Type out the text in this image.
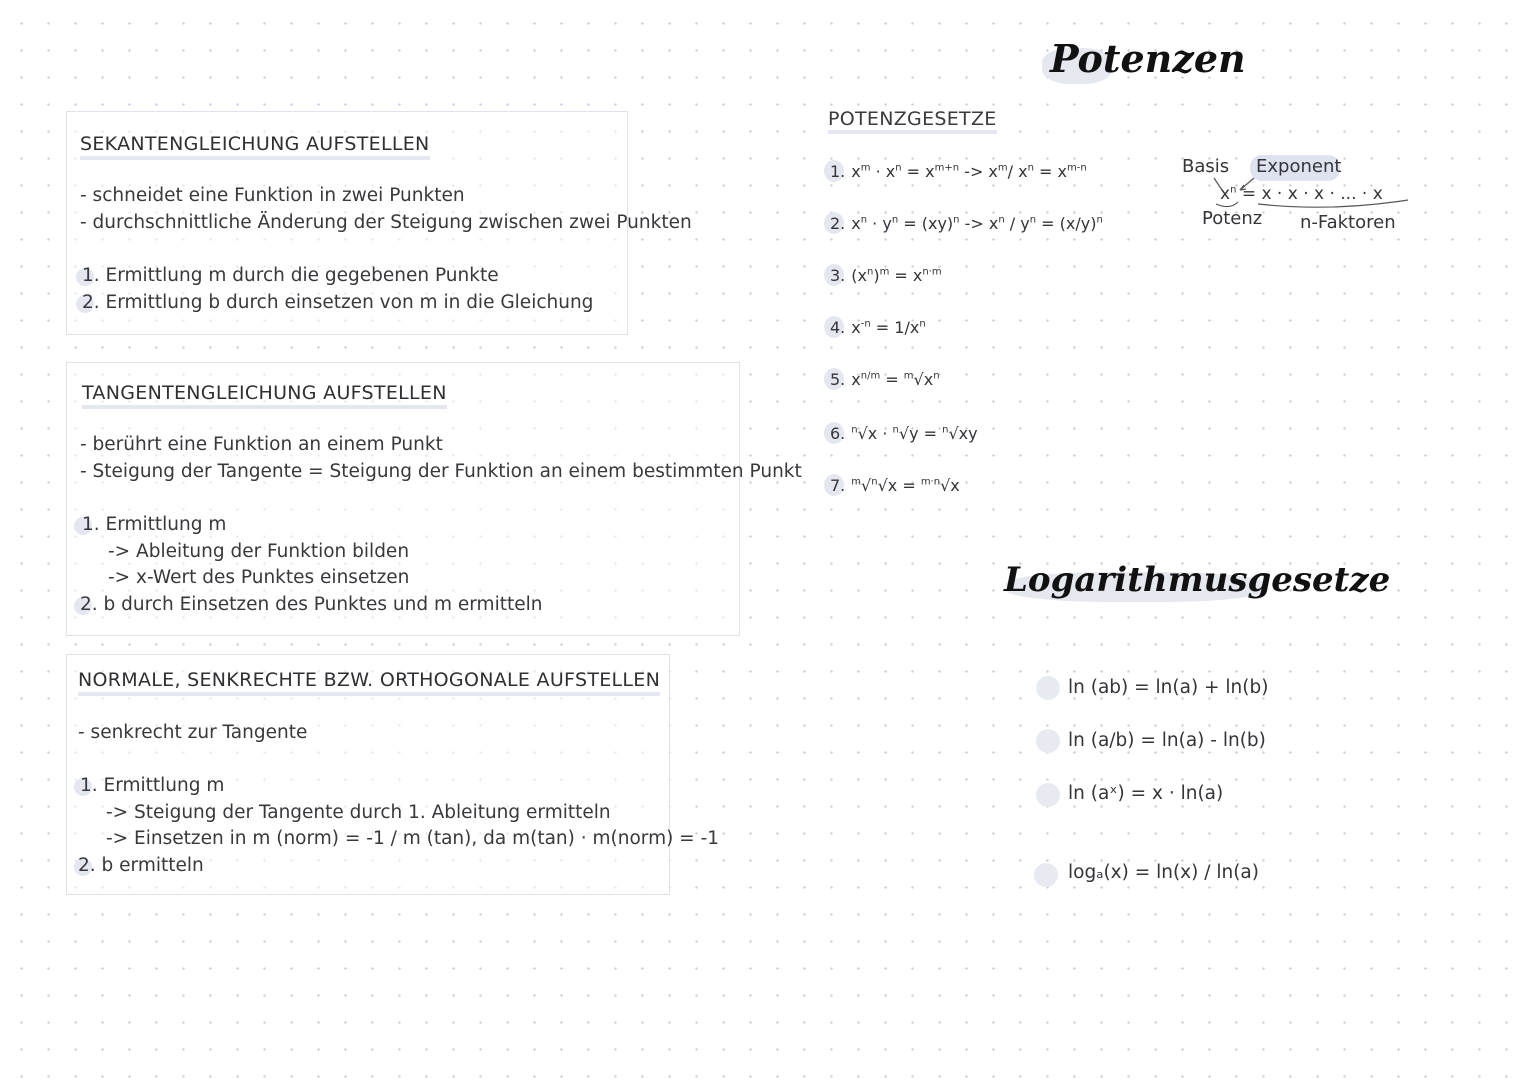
SEKANTENGLEICHUNG AUFSTELLEN
- schneidet eine Funktion in zwei Punkten
- durchschnittliche Änderung der Steigung zwischen zwei Punkten
1. Ermittlung m durch die gegebenen Punkte
2. Ermittlung b durch einsetzen von m in die Gleichung
TANGENTENGLEICHUNG AUFSTELLEN
- berührt eine Funktion an einem Punkt
- Steigung der Tangente = Steigung der Funktion an einem bestimmten Punkt
1. Ermittlung m
-> Ableitung der Funktion bilden
-> x-Wert des Punktes einsetzen
2. b durch Einsetzen des Punktes und m ermitteln
NORMALE, SENKRECHTE BZW. ORTHOGONALE AUFSTELLEN
- senkrecht zur Tangente
1. Ermittlung m
-> Steigung der Tangente durch 1. Ableitung ermitteln
-> Einsetzen in m (norm) = -1 / m (tan), da m(tan) · m(norm) = -1
2. b ermitteln
Potenzen
POTENZGESETZE
1. $x^m \cdot x^n = x^{m+n} -> x^m/$ $x^n = x^{m-n}$
2. $x^n \cdot y^n = (xy)^n -> x^n / y^n = (x/y)^n$
3. $(x^n)^m = x^{n\cdot m}$
4. $x^{-n} = 1/x^n$
5. $x^{n/m} = ^m√x^n$
6. $^n$√x · $^n$√y = $^n$√xy
7. $^m$√$^n$√x = $^{m\cdot n}$√x
Basis Exponent
$x^n = x \cdot x \cdot x$ · ... · x
Potenz n-Faktoren
Logarithmusgesetze
ln (ab) = ln(a) + ln(b)
ln (a/b) = ln(a) - ln(b)
ln (aˣ) = x · ln(a)
logₐ(x) = ln(x) / ln(a)
